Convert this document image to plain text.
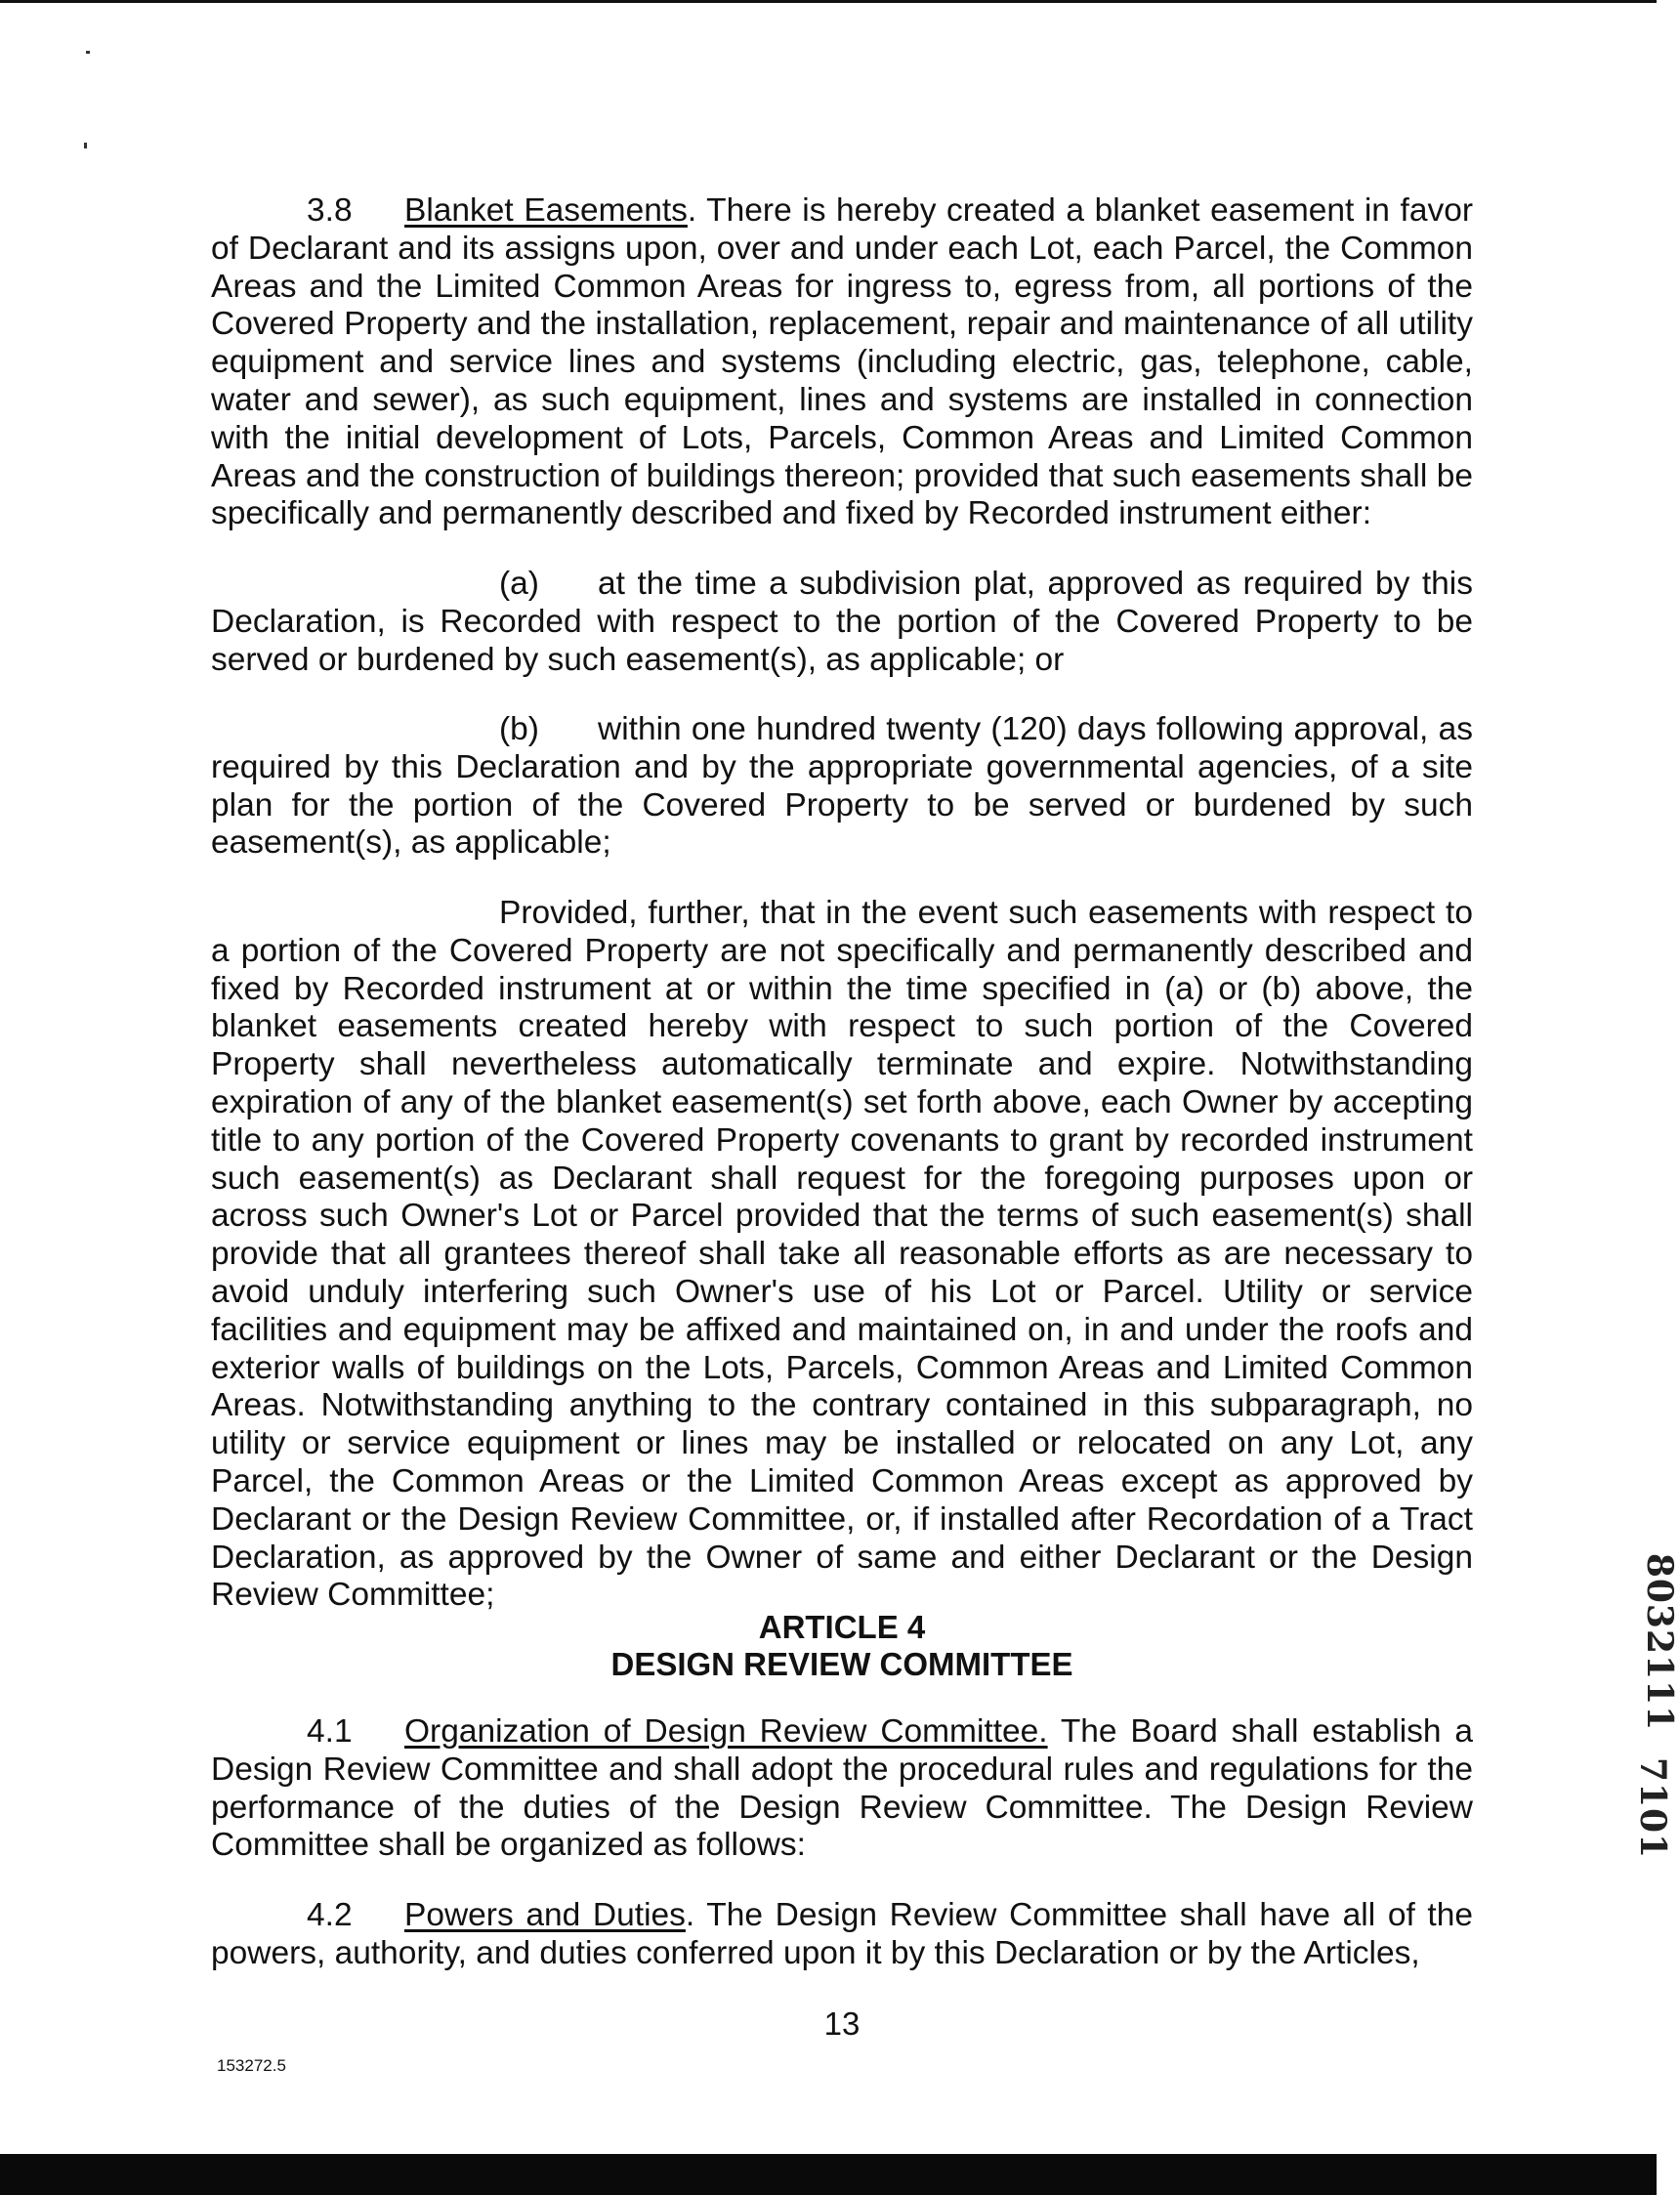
3.8 Blanket Easements. There is hereby created a blanket easement in favor of Declarant and its assigns upon, over and under each Lot, each Parcel, the Common Areas and the Limited Common Areas for ingress to, egress from, all portions of the Covered Property and the installation, replacement, repair and maintenance of all utility equipment and service lines and systems (including electric, gas, telephone, cable, water and sewer), as such equipment, lines and systems are installed in connection with the initial development of Lots, Parcels, Common Areas and Limited Common Areas and the construction of buildings thereon; provided that such easements shall be specifically and permanently described and fixed by Recorded instrument either:

(a) at the time a subdivision plat, approved as required by this Declaration, is Recorded with respect to the portion of the Covered Property to be served or burdened by such easement(s), as applicable; or

(b) within one hundred twenty (120) days following approval, as required by this Declaration and by the appropriate governmental agencies, of a site plan for the portion of the Covered Property to be served or burdened by such easement(s), as applicable;

Provided, further, that in the event such easements with respect to a portion of the Covered Property are not specifically and permanently described and fixed by Recorded instrument at or within the time specified in (a) or (b) above, the blanket easements created hereby with respect to such portion of the Covered Property shall nevertheless automatically terminate and expire. Notwithstanding expiration of any of the blanket easement(s) set forth above, each Owner by accepting title to any portion of the Covered Property covenants to grant by recorded instrument such easement(s) as Declarant shall request for the foregoing purposes upon or across such Owner's Lot or Parcel provided that the terms of such easement(s) shall provide that all grantees thereof shall take all reasonable efforts as are necessary to avoid unduly interfering such Owner's use of his Lot or Parcel. Utility or service facilities and equipment may be affixed and maintained on, in and under the roofs and exterior walls of buildings on the Lots, Parcels, Common Areas and Limited Common Areas. Notwithstanding anything to the contrary contained in this subparagraph, no utility or service equipment or lines may be installed or relocated on any Lot, any Parcel, the Common Areas or the Limited Common Areas except as approved by Declarant or the Design Review Committee, or, if installed after Recordation of a Tract Declaration, as approved by the Owner of same and either Declarant or the Design Review Committee;

ARTICLE 4

DESIGN REVIEW COMMITTEE

4.1 Organization of Design Review Committee. The Board shall establish a Design Review Committee and shall adopt the procedural rules and regulations for the performance of the duties of the Design Review Committee. The Design Review Committee shall be organized as follows:

4.2 Powers and Duties. The Design Review Committee shall have all of the powers, authority, and duties conferred upon it by this Declaration or by the Articles,

13

153272.5

8032111
7101
